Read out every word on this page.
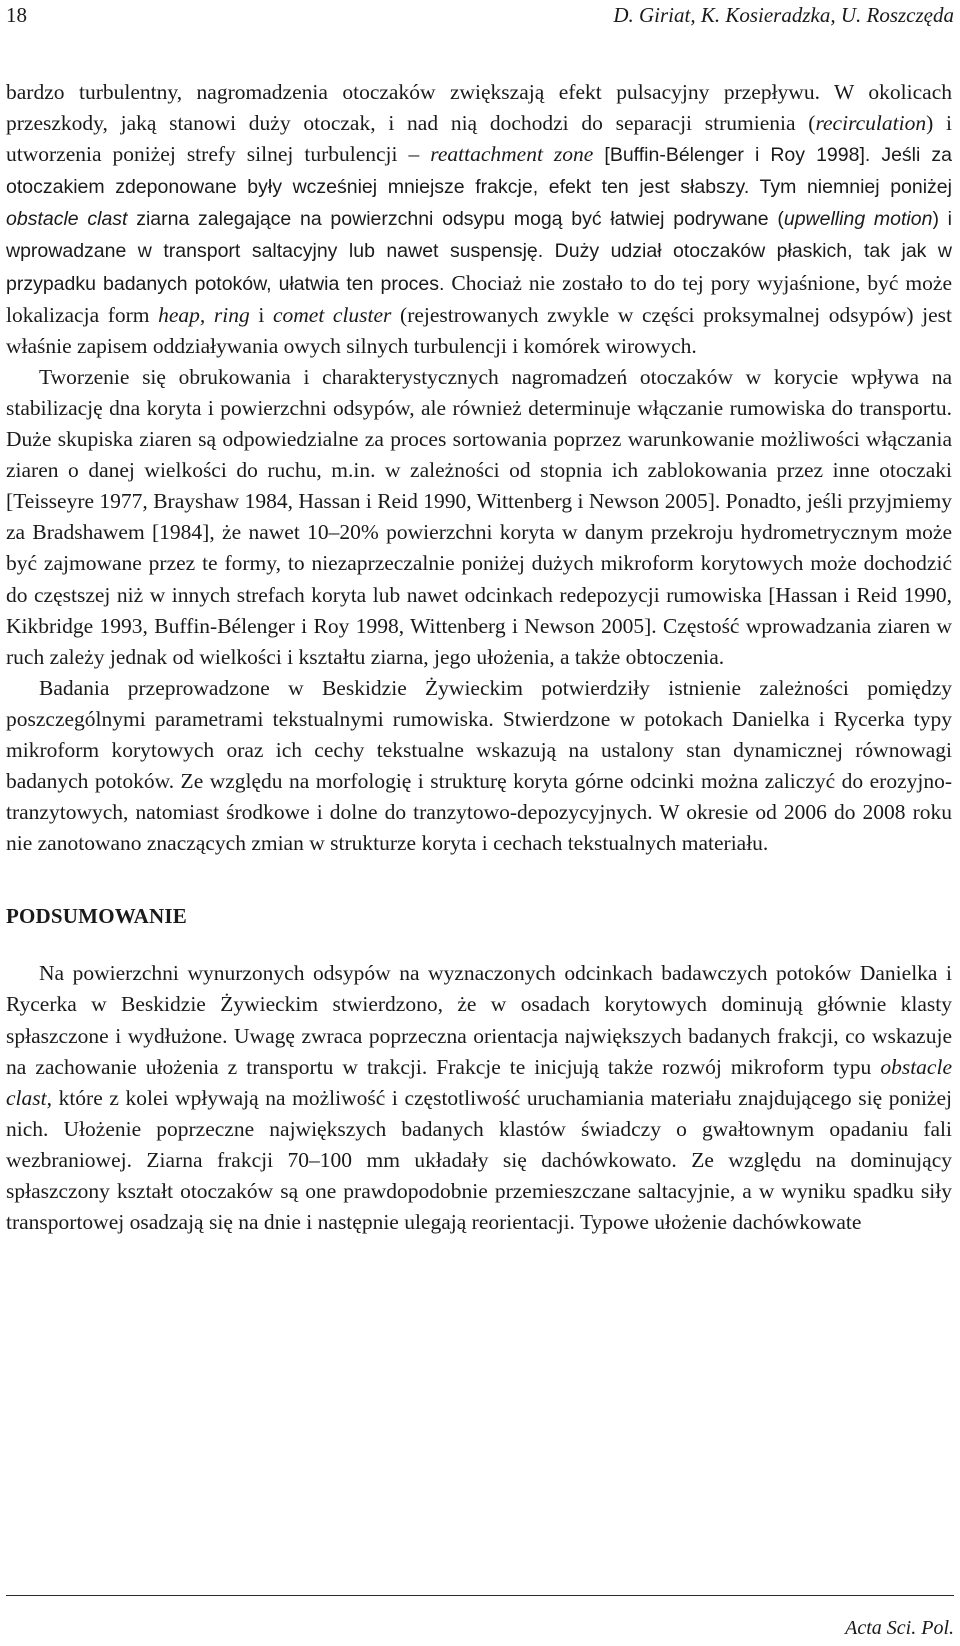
18	D. Giriat, K. Kosieradzka, U. Roszczęda

bardzo turbulentny, nagromadzenia otoczaków zwiększają efekt pulsacyjny przepływu. W okolicach przeszkody, jaką stanowi duży otoczak, i nad nią dochodzi do separacji strumienia (recirculation) i utworzenia poniżej strefy silnej turbulencji – reattachment zone [Buffin-Bélenger i Roy 1998]. Jeśli za otoczakiem zdeponowane były wcześniej mniejsze frakcje, efekt ten jest słabszy. Tym niemniej poniżej obstacle clast ziarna zalegające na powierzchni odsypu mogą być łatwiej podrywane (upwelling motion) i wprowadzane w transport saltacyjny lub nawet suspensję. Duży udział otoczaków płaskich, tak jak w przypadku badanych potoków, ułatwia ten proces. Chociaż nie zostało to do tej pory wyjaśnione, być może lokalizacja form heap, ring i comet cluster (rejestrowanych zwykle w części proksymalnej odsypów) jest właśnie zapisem oddziaływania owych silnych turbulencji i komórek wirowych.

Tworzenie się obrukowania i charakterystycznych nagromadzeń otoczaków w korycie wpływa na stabilizację dna koryta i powierzchni odsypów, ale również determinuje włączanie rumowiska do transportu. Duże skupiska ziaren są odpowiedzialne za proces sortowania poprzez warunkowanie możliwości włączania ziaren o danej wielkości do ruchu, m.in. w zależności od stopnia ich zablokowania przez inne otoczaki [Teisseyre 1977, Brayshaw 1984, Hassan i Reid 1990, Wittenberg i Newson 2005]. Ponadto, jeśli przyjmiemy za Bradshawem [1984], że nawet 10–20% powierzchni koryta w danym przekroju hydrometrycznym może być zajmowane przez te formy, to niezaprzeczalnie poniżej dużych mikroform korytowych może dochodzić do częstszej niż w innych strefach koryta lub nawet odcinkach redepozycji rumowiska [Hassan i Reid 1990, Kikbridge 1993, Buffin-Bélenger i Roy 1998, Wittenberg i Newson 2005]. Częstość wprowadzania ziaren w ruch zależy jednak od wielkości i kształtu ziarna, jego ułożenia, a także obtoczenia.

Badania przeprowadzone w Beskidzie Żywieckim potwierdziły istnienie zależności pomiędzy poszczególnymi parametrami tekstualnymi rumowiska. Stwierdzone w potokach Danielka i Rycerka typy mikroform korytowych oraz ich cechy tekstualne wskazują na ustalony stan dynamicznej równowagi badanych potoków. Ze względu na morfologię i strukturę koryta górne odcinki można zaliczyć do erozyjno-tranzytowych, natomiast środkowe i dolne do tranzytowo-depozycyjnych. W okresie od 2006 do 2008 roku nie zanotowano znaczących zmian w strukturze koryta i cechach tekstualnych materiału.

PODSUMOWANIE

Na powierzchni wynurzonych odsypów na wyznaczonych odcinkach badawczych potoków Danielka i Rycerka w Beskidzie Żywieckim stwierdzono, że w osadach korytowych dominują głównie klasty spłaszczone i wydłużone. Uwagę zwraca poprzeczna orientacja największych badanych frakcji, co wskazuje na zachowanie ułożenia z transportu w trakcji. Frakcje te inicjują także rozwój mikroform typu obstacle clast, które z kolei wpływają na możliwość i częstotliwość uruchamiania materiału znajdującego się poniżej nich. Ułożenie poprzeczne największych badanych klastów świadczy o gwałtownym opadaniu fali wezbraniowej. Ziarna frakcji 70–100 mm układały się dachówkowato. Ze względu na dominujący spłaszczony kształt otoczaków są one prawdopodobnie przemieszczane saltacyjnie, a w wyniku spadku siły transportowej osadzają się na dnie i następnie ulegają reorientacji. Typowe ułożenie dachówkowate

Acta Sci. Pol.
